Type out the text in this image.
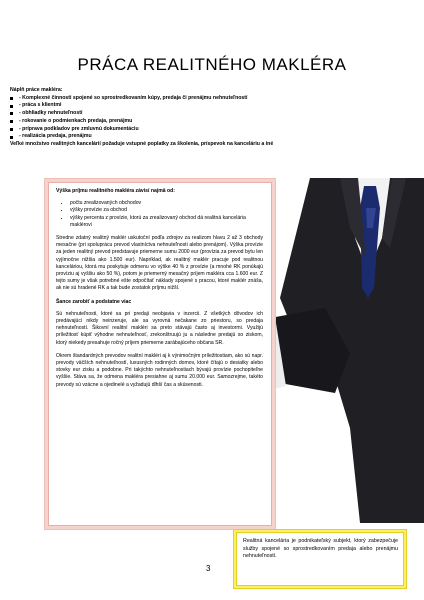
PRÁCA REALITNÉHO MAKLÉRA
Náplň práce makléra:
- Komplexné činnosti spojené so sprostredkovaním kúpy, predaja či prenájmu nehnuteľností
- práca s klientmi
- obhliadky nehnuteľností
- rokovanie o podmienkach predaja, prenájmu
- príprava podkladov pre zmluvnú dokumentáciu
- realizácia predaja, prenájmu
Veľké množstvo realitných kancelárií požaduje vstupné poplatky za školenia, príspevok na kanceláriu a iné

Výška príjmu realitného makléra závisí najmä od:

• počtu zrealizovaných obchodov
• výšky provízie za obchod
• výšky percenta z provízie, ktorú za zrealizovaný obchod dá realitná kancelária maklérovi

Stredne zdatný realitný maklér uskutoční podľa zdrojov za realizom hlavu 2 až 3 obchody mesačne (pri spoluprácu prevod vlastníctva nehnuteľnosti alebo prenájom). Výška provízie za jeden realitný prevod predstavuje priemerne sumu 2000 eur (provízia za prevod bytu len vyjímočne nižšia ako 1.500 eur). Napríklad, ak realitný maklér pracuje pod realitnou kanceláriou, ktorá mu poskytuje odmenu vo výške 40 % z provízie (a mnohé RK ponúkajú províziu aj vyššiu ako 50 %), potom je priemerný mesačný príjem makléra cca 1.600 eur. Z tejto sumy je však potrebné ešte odpočítať náklady spojené s pracou, ktoré maklér znáša, ak nie sú hradené RK a tak bude zostatok príjmu nižší.

Šance zarobiť a podstatne viac

Sú nehnuteľnosti, ktoré sa pri predaji neobjavia v inzercii. Z všetkých dôvodov ich predávajúci nikdy neinzeruje, ale sa vyrovná nečakane zo priestoru, so predaja nehnuteľností. Šikovní realitní makléri sa preto stávajú často aj investormi. Využijú príležitosť kúpiť výhodne nehnuteľnosť, zrekonštruujú ju a následne predajú so ziskom, ktorý niekedy presahuje ročný príjem priemerne zarábajúceho občana SR.

Okrem štandardných prevodov realitní makléri aj k výnimočným príležitostiam, ako sú napr. prevody väčších nehnuteľností, luxusných rodinných domov, ktoré čítajú o desiatky alebo stovky eur zisku a podobne. Pri takýchto nehnuteľnostiach bývajú provízie pochopiteľne vyššie. Stáva sa, že odmena makléra presiahne aj sumu 20.000 eur. Samozrejme, takéto prevody sú vzácne a ojedinelé a vyžadujú dlhší čas a skúsenosti.

3
Realitná kancelária je podnikateľský subjekt, ktorý zabezpečuje služby spojené so sprostredkovaním predaja alebo prenájmu nehnuteľností.
